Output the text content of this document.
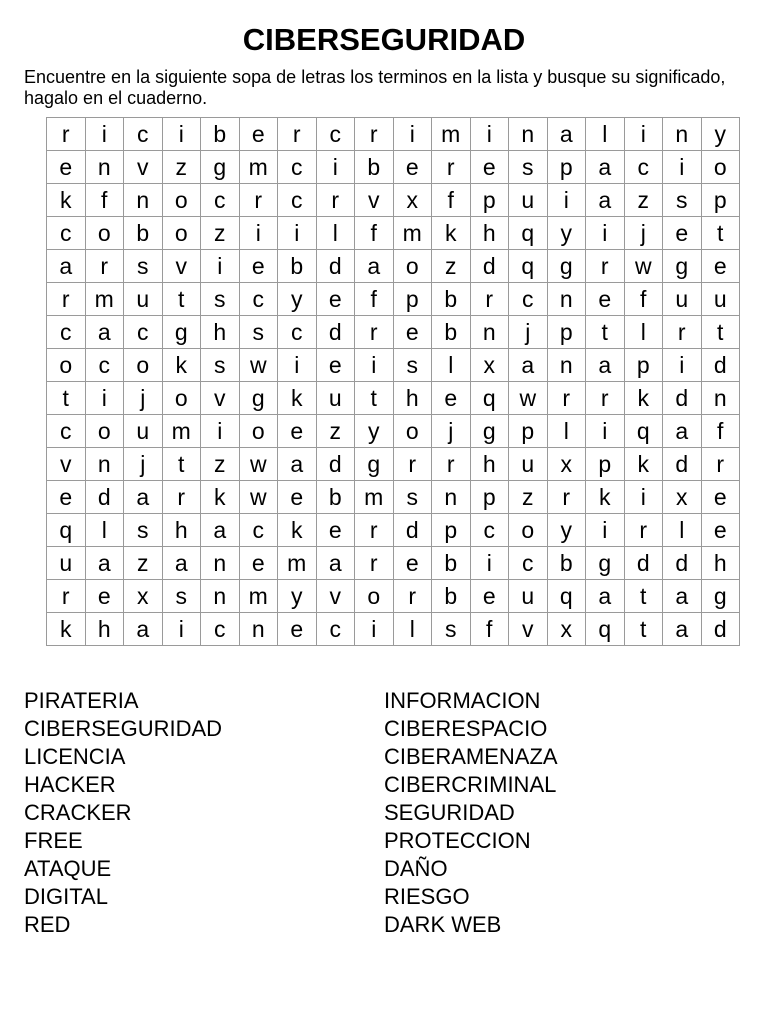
CIBERSEGURIDAD
Encuentre en la siguiente sopa de letras los terminos en la lista y busque su significado, hagalo en el cuaderno.
r	i	c	i	b	e	r	c	r	i	m	i	n	a	l	i	n	y
e	n	v	z	g	m	c	i	b	e	r	e	s	p	a	c	i	o
k	f	n	o	c	r	c	r	v	x	f	p	u	i	a	z	s	p
c	o	b	o	z	i	i	l	f	m	k	h	q	y	i	j	e	t
a	r	s	v	i	e	b	d	a	o	z	d	q	g	r	w	g	e
r	m	u	t	s	c	y	e	f	p	b	r	c	n	e	f	u	u
c	a	c	g	h	s	c	d	r	e	b	n	j	p	t	l	r	t
o	c	o	k	s	w	i	e	i	s	l	x	a	n	a	p	i	d
t	i	j	o	v	g	k	u	t	h	e	q	w	r	r	k	d	n
c	o	u	m	i	o	e	z	y	o	j	g	p	l	i	q	a	f
v	n	j	t	z	w	a	d	g	r	r	h	u	x	p	k	d	r
e	d	a	r	k	w	e	b	m	s	n	p	z	r	k	i	x	e
q	l	s	h	a	c	k	e	r	d	p	c	o	y	i	r	l	e
u	a	z	a	n	e	m	a	r	e	b	i	c	b	g	d	d	h
r	e	x	s	n	m	y	v	o	r	b	e	u	q	a	t	a	g
k	h	a	i	c	n	e	c	i	l	s	f	v	x	q	t	a	d
PIRATERIA
CIBERSEGURIDAD
LICENCIA
HACKER
CRACKER
FREE
ATAQUE
DIGITAL
RED
INFORMACION
CIBERESPACIO
CIBERAMENAZA
CIBERCRIMINAL
SEGURIDAD
PROTECCION
DAÑO
RIESGO
DARK WEB
